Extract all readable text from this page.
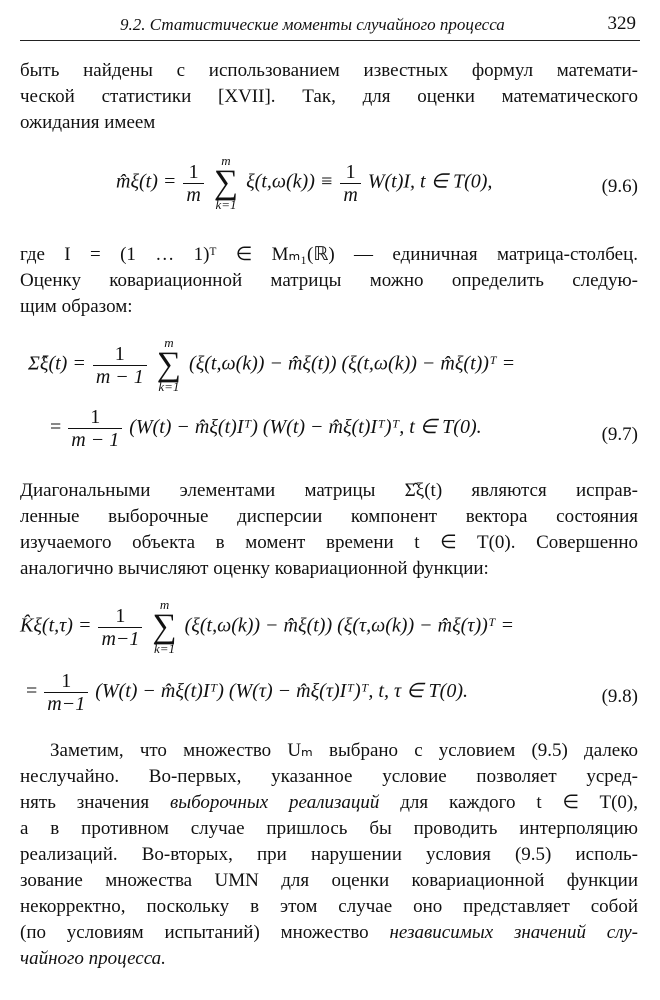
9.2. Статистические моменты случайного процесса	329
быть найдены с использованием известных формул математи-
ческой статистики [XVII]. Так, для оценки математического
ожидания имеем
m̂ξ(t) = $\frac{1}{m}$
	m
∑
k=1
$\xi(t,\omega(k)) \equiv \frac{1}{m} W(t)I$, t ∈ T(0),	(9.6)
где I = (1 … 1)ᵀ ∈ Mₘ₁(ℝ) — единичная матрица-столбец.
Оценку ковариационной матрицы можно определить следую-
щим образом:
Σ̂ξ(t) = $\frac{1}{m - 1}$
	m
∑
k=1
(ξ(t,ω(k)) − m̂ξ(t)) (ξ(t,ω(k)) − m̂ξ(t))ᵀ =
= $\frac{1}{m - 1} (W(t)$ − m̂ξ(t)Iᵀ) (W(t) − m̂ξ(t)Iᵀ)ᵀ, t ∈ T(0).	(9.7)
Диагональными элементами матрицы Σ̂ξ(t) являются исправ-
ленные выборочные дисперсии компонент вектора состояния
изучаемого объекта в момент времени t ∈ T(0). Совершенно
аналогично вычисляют оценку ковариационной функции:
K̂ξ(t,τ) = $\frac{1}{m-1}$
	m
∑
k=1
(ξ(t,ω(k)) − m̂ξ(t)) (ξ(τ,ω(k)) − m̂ξ(τ))ᵀ =
= $\frac{1}{m-1} (W(t)$ − m̂ξ(t)Iᵀ) (W(τ) − m̂ξ(τ)Iᵀ)ᵀ, t, τ ∈ T(0).	(9.8)
Заметим, что множество Uₘ выбрано с условием (9.5) далеко
неслучайно. Во-первых, указанное условие позволяет усред-
нять значения выборочных реализаций для каждого t ∈ T(0),
а в противном случае пришлось бы проводить интерполяцию
реализаций. Во-вторых, при нарушении условия (9.5) исполь-
зование множества UMN для оценки ковариационной функции
некорректно, поскольку в этом случае оно представляет собой
(по условиям испытаний) множество независимых значений слу-
чайного процесса.
